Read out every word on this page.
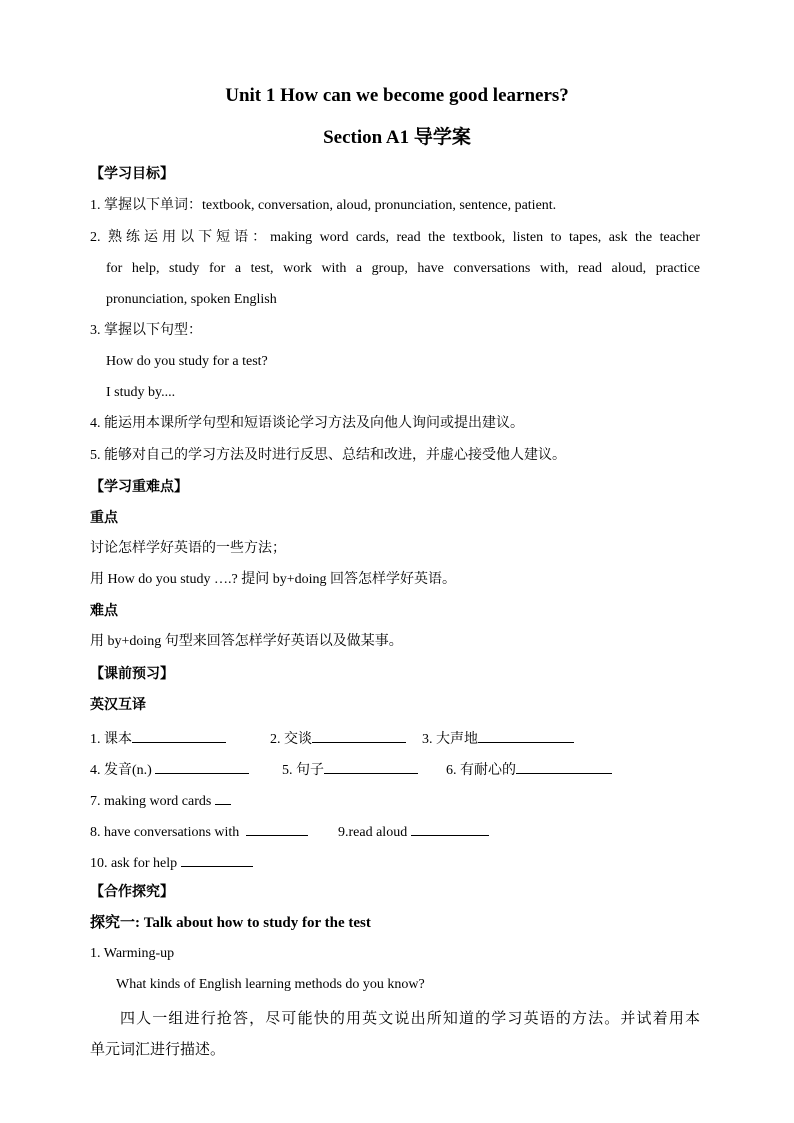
Unit 1 How can we become good learners?
Section A1 导学案
【学习目标】
1. 掌握以下单词：textbook, conversation, aloud, pronunciation, sentence, patient.
2. 熟练运用以下短语：making word cards, read the textbook, listen to tapes, ask the teacher
for help, study for a test, work with a group, have conversations with, read aloud, practice
pronunciation, spoken English
3. 掌握以下句型：
How do you study for a test?
I study by....
4. 能运用本课所学句型和短语谈论学习方法及向他人询问或提出建议。
5. 能够对自己的学习方法及时进行反思、总结和改进，并虚心接受他人建议。
【学习重难点】
重点
讨论怎样学好英语的一些方法；
用 How do you study ….? 提问 by+doing 回答怎样学好英语。
难点
用 by+doing 句型来回答怎样学好英语以及做某事。
【课前预习】
英汉互译
1. 课本	2. 交谈	3. 大声地
4. 发音(n.)	5. 句子	6. 有耐心的
7. making word cards
8. have conversations with	9.read aloud
10. ask for help
【合作探究】
探究一: Talk about how to study for the test
1. Warming-up
What kinds of English learning methods do you know?
四人一组进行抢答，尽可能快的用英文说出所知道的学习英语的方法。并试着用本
单元词汇进行描述。
